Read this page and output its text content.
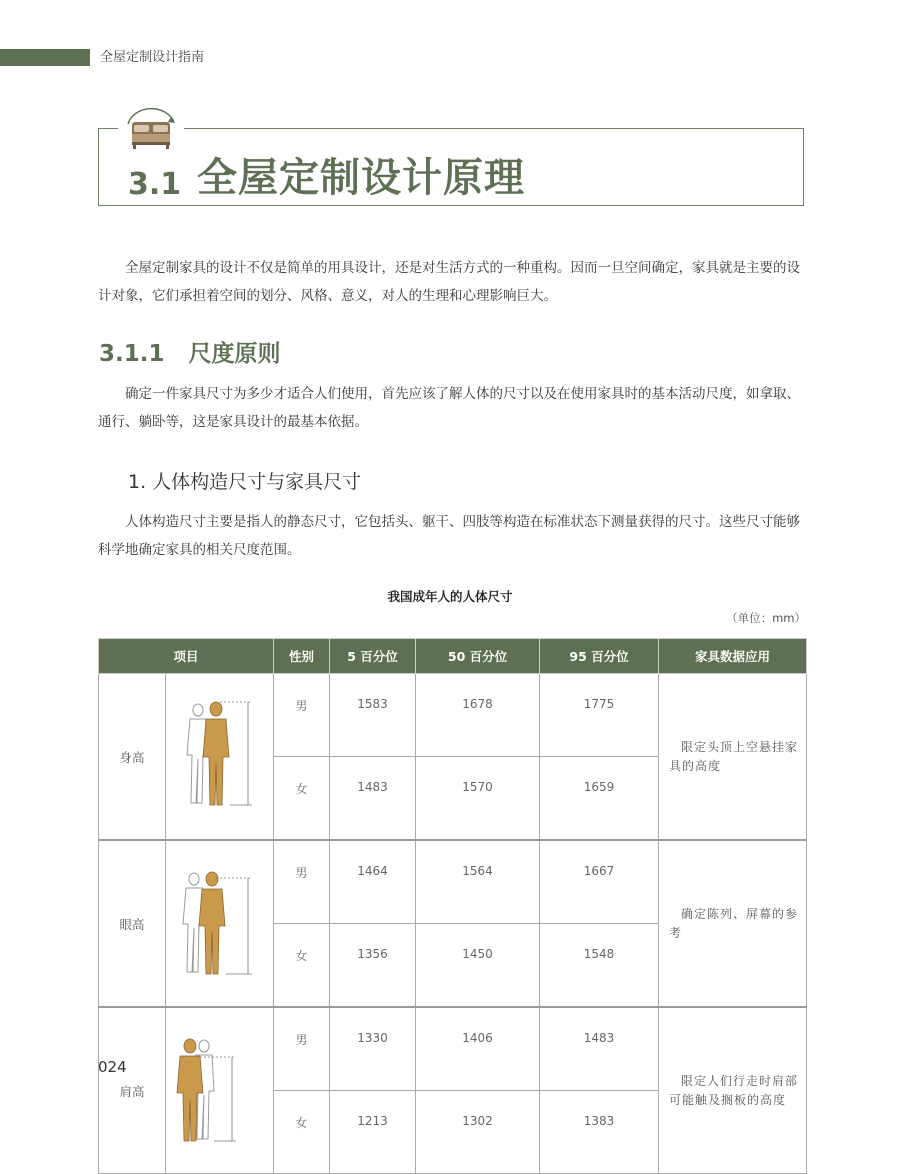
全屋定制设计指南
3.1 全屋定制设计原理

全屋定制家具的设计不仅是简单的用具设计，还是对生活方式的一种重构。因而一旦空间确定，家具就是主要的设计对象，它们承担着空间的划分、风格、意义，对人的生理和心理影响巨大。

3.1.1 尺度原则

确定一件家具尺寸为多少才适合人们使用，首先应该了解人体的尺寸以及在使用家具时的基本活动尺度，如拿取、通行、躺卧等，这是家具设计的最基本依据。

1. 人体构造尺寸与家具尺寸

人体构造尺寸主要是指人的静态尺寸，它包括头、躯干、四肢等构造在标准状态下测量获得的尺寸。这些尺寸能够科学地确定家具的相关尺度范围。

我国成年人的人体尺寸
（单位：mm）
项目		性别	5 百分位	50 百分位	95 百分位	家具数据应用
身高		男	1583	1678	1775	限定头顶上空悬挂家具的高度
		女	1483	1570	1659	
眼高		男	1464	1564	1667	确定陈列、屏幕的参考
		女	1356	1450	1548	
肩高		男	1330	1406	1483	限定人们行走时肩部可能触及搁板的高度
		女	1213	1302	1383	
024
